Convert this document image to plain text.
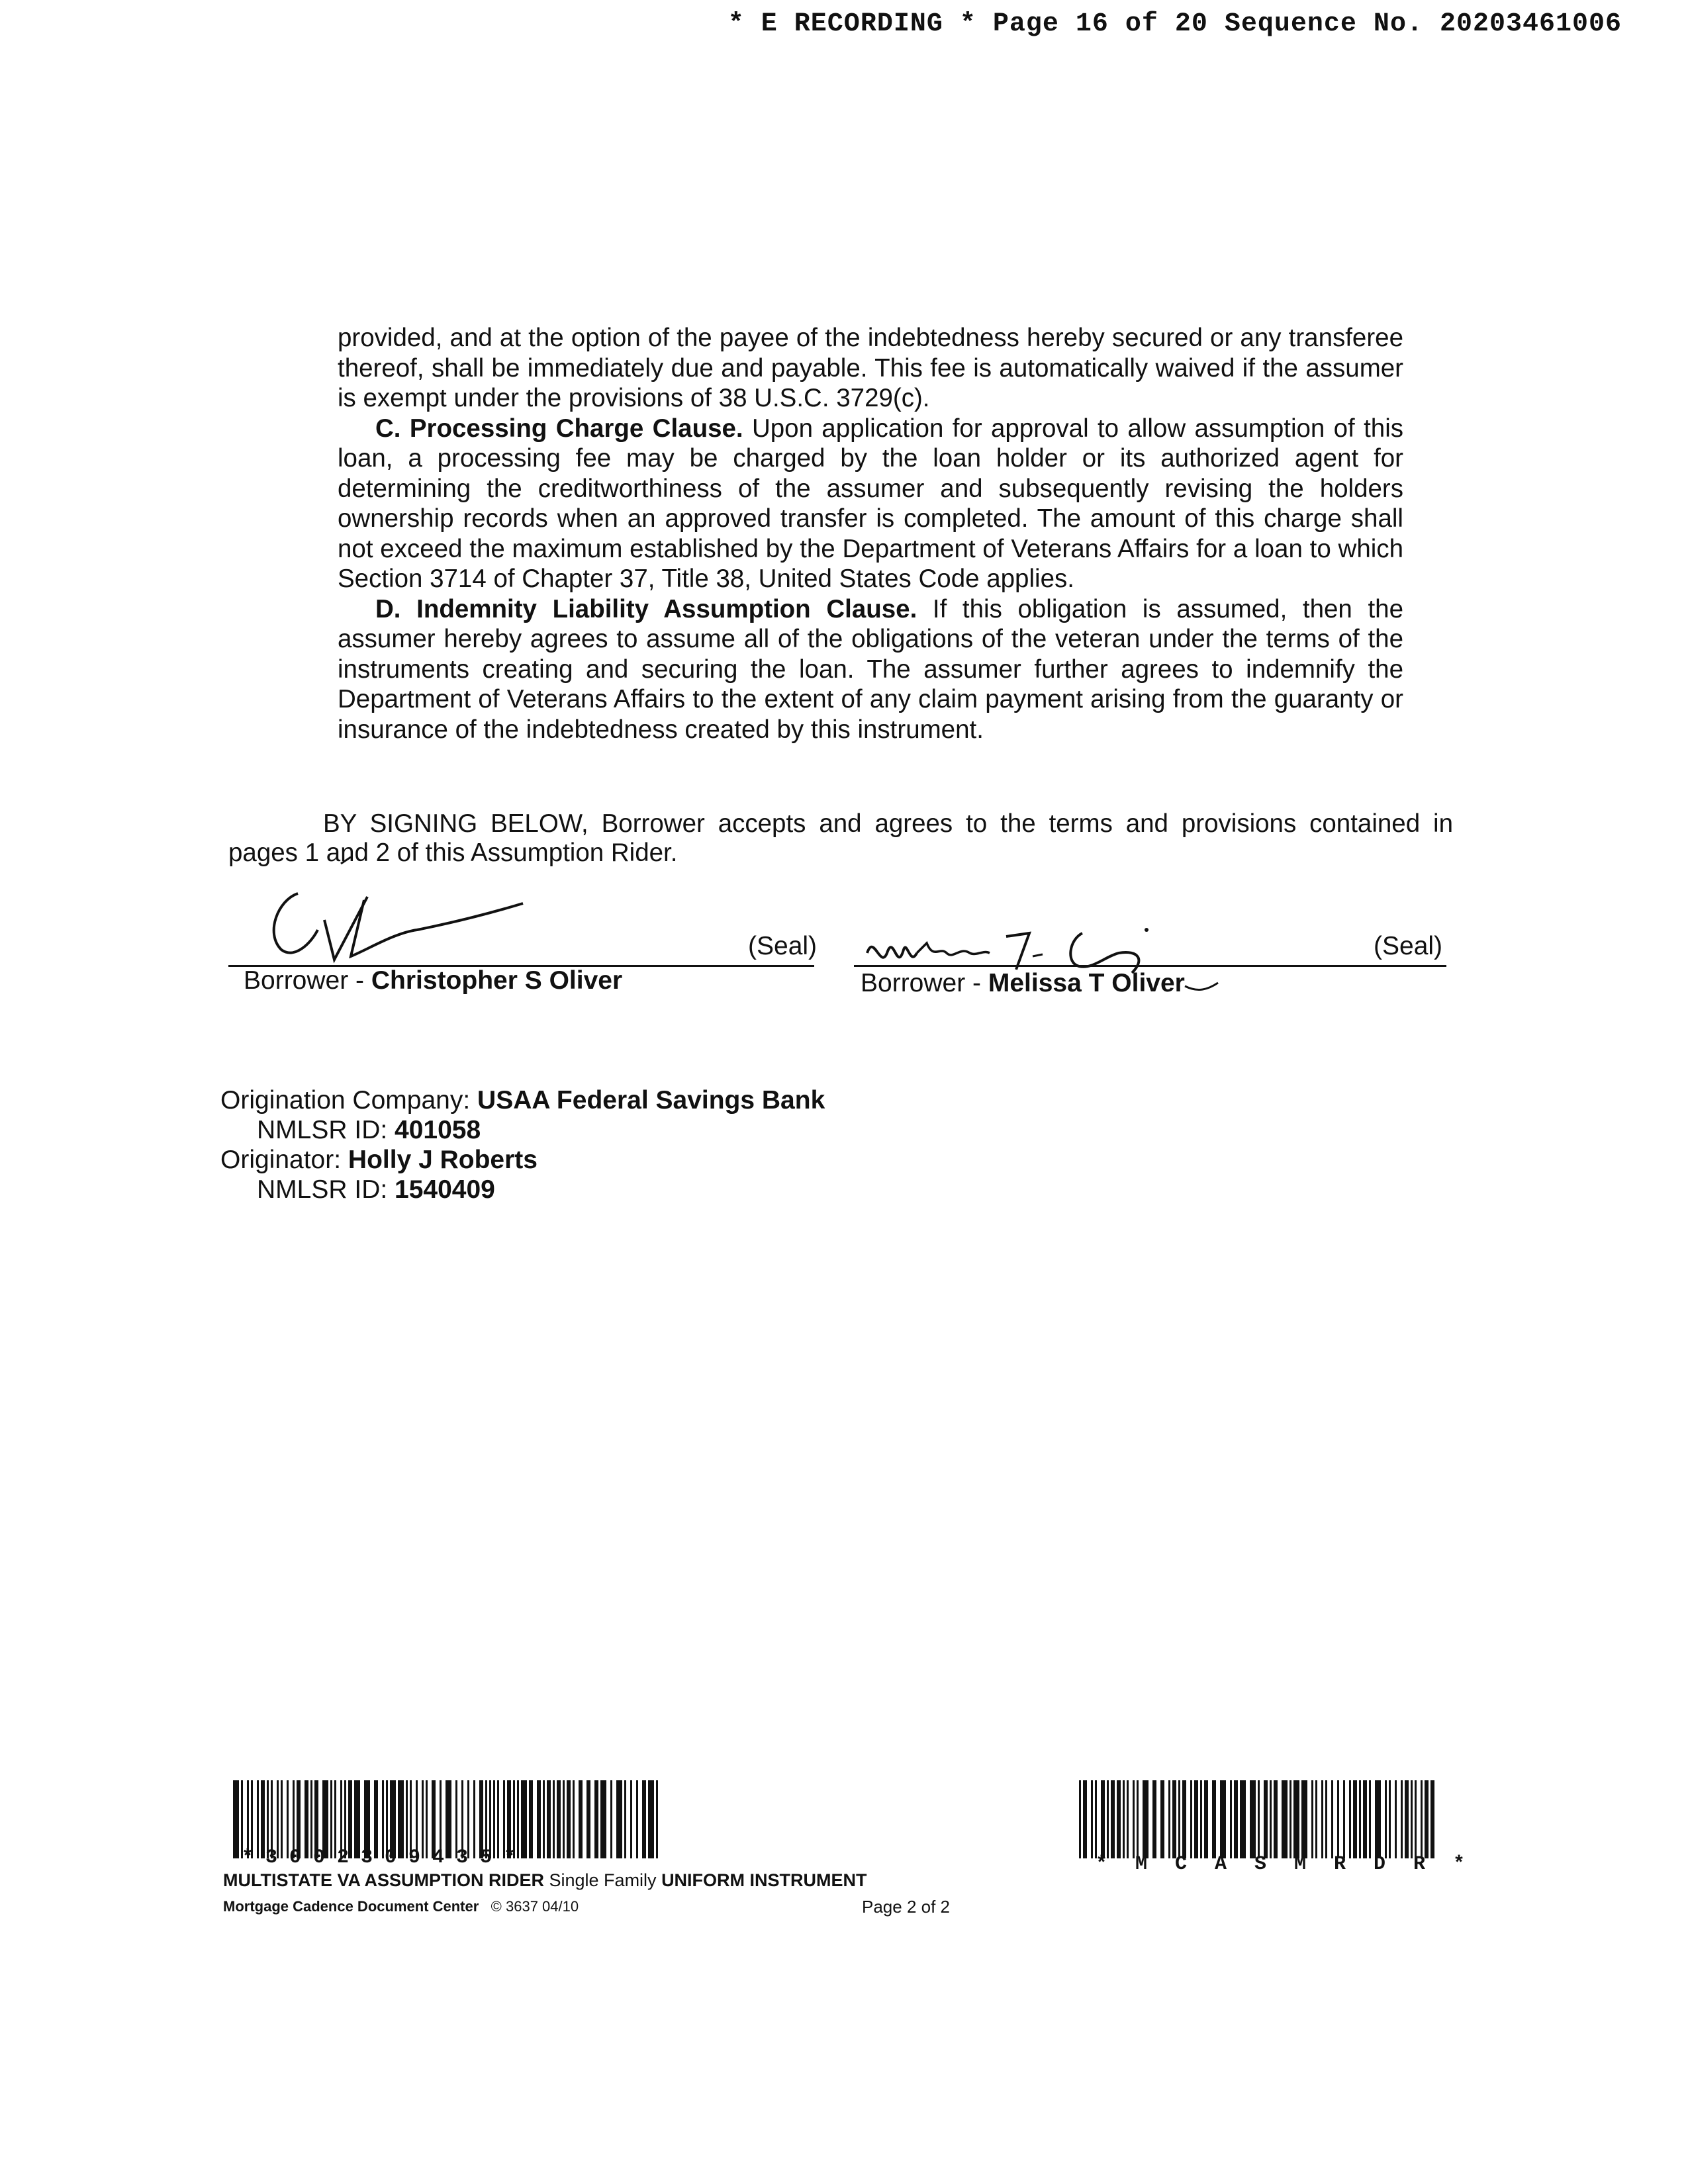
* E RECORDING * Page 16 of 20 Sequence No. 20203461006

provided, and at the option of the payee of the indebtedness hereby secured or any transferee thereof, shall be immediately due and payable. This fee is automatically waived if the assumer is exempt under the provisions of 38 U.S.C. 3729(c).

C. Processing Charge Clause. Upon application for approval to allow assumption of this loan, a processing fee may be charged by the loan holder or its authorized agent for determining the creditworthiness of the assumer and subsequently revising the holders ownership records when an approved transfer is completed. The amount of this charge shall not exceed the maximum established by the Department of Veterans Affairs for a loan to which Section 3714 of Chapter 37, Title 38, United States Code applies.

D. Indemnity Liability Assumption Clause. If this obligation is assumed, then the assumer hereby agrees to assume all of the obligations of the veteran under the terms of the instruments creating and securing the loan. The assumer further agrees to indemnify the Department of Veterans Affairs to the extent of any claim payment arising from the guaranty or insurance of the indebtedness created by this instrument.

BY SIGNING BELOW, Borrower accepts and agrees to the terms and provisions contained in
pages 1 and 2 of this Assumption Rider.
(Seal)
Borrower - Christopher S Oliver
(Seal)
Borrower - Melissa T Oliver
Origination Company: USAA Federal Savings Bank
NMLSR ID: 401058
Originator: Holly J Roberts
NMLSR ID: 1540409
* 3 0 0 2 3 0 9 4 3 5 *	* M C A S M R D R *
MULTISTATE VA ASSUMPTION RIDER Single Family UNIFORM INSTRUMENT
Mortgage Cadence Document Center © 3637 04/10	Page 2 of 2
